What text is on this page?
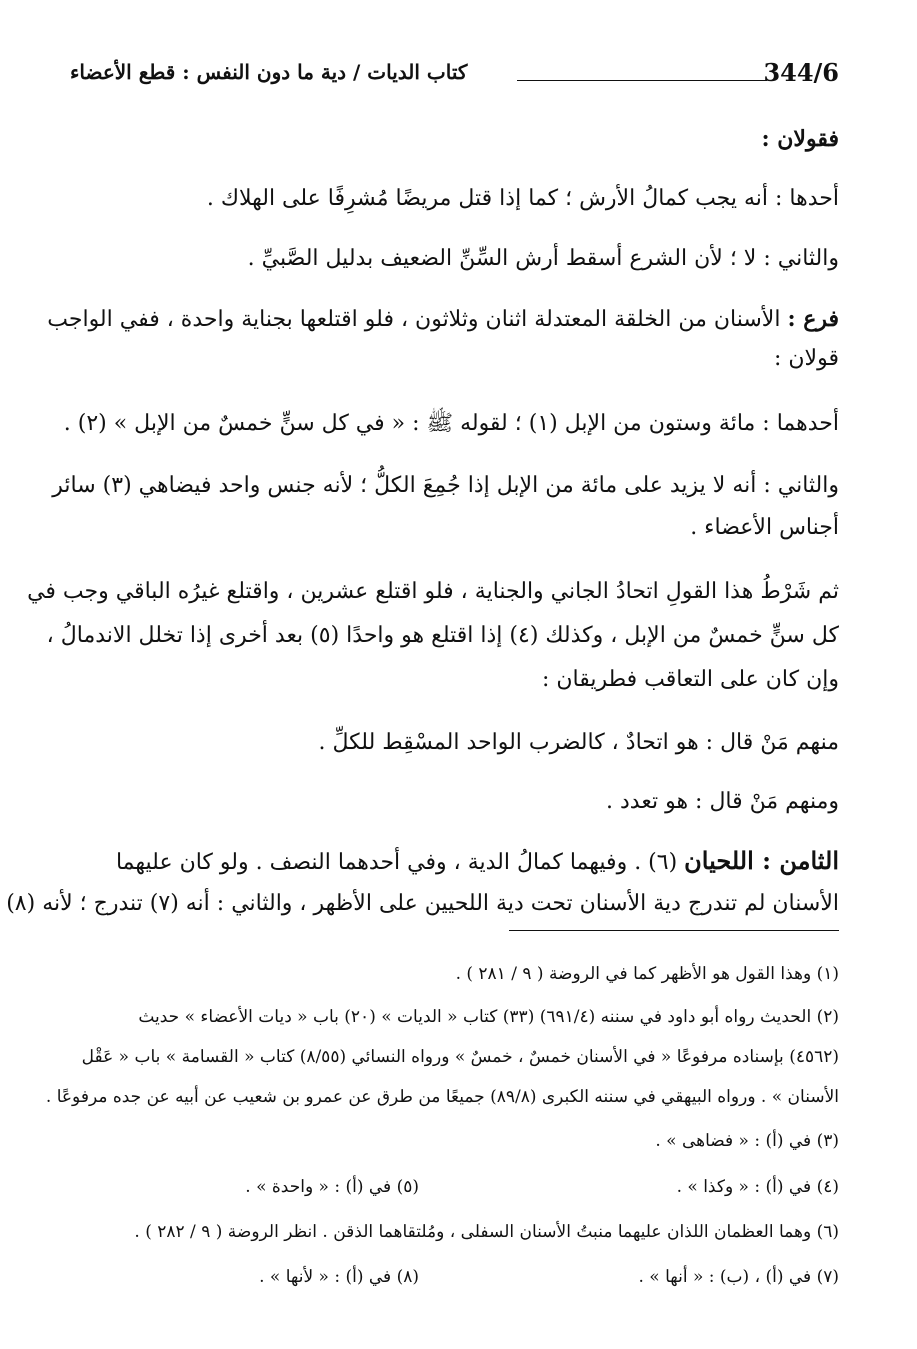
344/6
كتاب الديات / دية ما دون النفس : قطع الأعضاء
فقولان :
أحدها : أنه يجب كمالُ الأرش ؛ كما إذا قتل مريضًا مُشرِفًا على الهلاك .
والثاني : لا ؛ لأن الشرع أسقط أرش السِّنِّ الضعيف بدليل الصَّبيِّ .
فرع : الأسنان من الخلقة المعتدلة اثنان وثلاثون ، فلو اقتلعها بجناية واحدة ، ففي الواجب
قولان :
أحدهما : مائة وستون من الإبل (١) ؛ لقوله ﷺ : « في كل سنٍّ خمسٌ من الإبل » (٢) .
والثاني : أنه لا يزيد على مائة من الإبل إذا جُمِعَ الكلُّ ؛ لأنه جنس واحد فيضاهي (٣) سائر
أجناس الأعضاء .
ثم شَرْطُ هذا القولِ اتحادُ الجاني والجناية ، فلو اقتلع عشرين ، واقتلع غيرُه الباقي وجب في
كل سنٍّ خمسٌ من الإبل ، وكذلك (٤) إذا اقتلع هو واحدًا (٥) بعد أخرى إذا تخلل الاندمالُ ،
وإن كان على التعاقب فطريقان :
منهم مَنْ قال : هو اتحادٌ ، كالضرب الواحد المسْقِط للكلِّ .
ومنهم مَنْ قال : هو تعدد .
الثامن : اللحيان (٦) . وفيهما كمالُ الدية ، وفي أحدهما النصف . ولو كان عليهما
الأسنان لم تندرج دية الأسنان تحت دية اللحيين على الأظهر ، والثاني : أنه (٧) تندرج ؛ لأنه (٨)
(١) وهذا القول هو الأظهر كما في الروضة ( ٩ / ٢٨١ ) .
(٢) الحديث رواه أبو داود في سننه (٦٩١/٤) (٣٣) كتاب « الديات » (٢٠) باب « ديات الأعضاء » حديث
(٤٥٦٢) بإسناده مرفوعًا « في الأسنان خمسٌ ، خمسٌ » ورواه النسائي (٨/٥٥) كتاب « القسامة » باب « عَقْل
الأسنان » . ورواه البيهقي في سننه الكبرى (٨٩/٨) جميعًا من طرق عن عمرو بن شعيب عن أبيه عن جده مرفوعًا .
(٣) في (أ) : « فضاهى » .
(٤) في (أ) : « وكذا » .(٥) في (أ) : « واحدة » .
(٦) وهما العظمان اللذان عليهما منبتُ الأسنان السفلى ، ومُلتقاهما الذقن . انظر الروضة ( ٩ / ٢٨٢ ) .
(٧) في (أ) ، (ب) : « أنها » .(٨) في (أ) : « لأنها » .
